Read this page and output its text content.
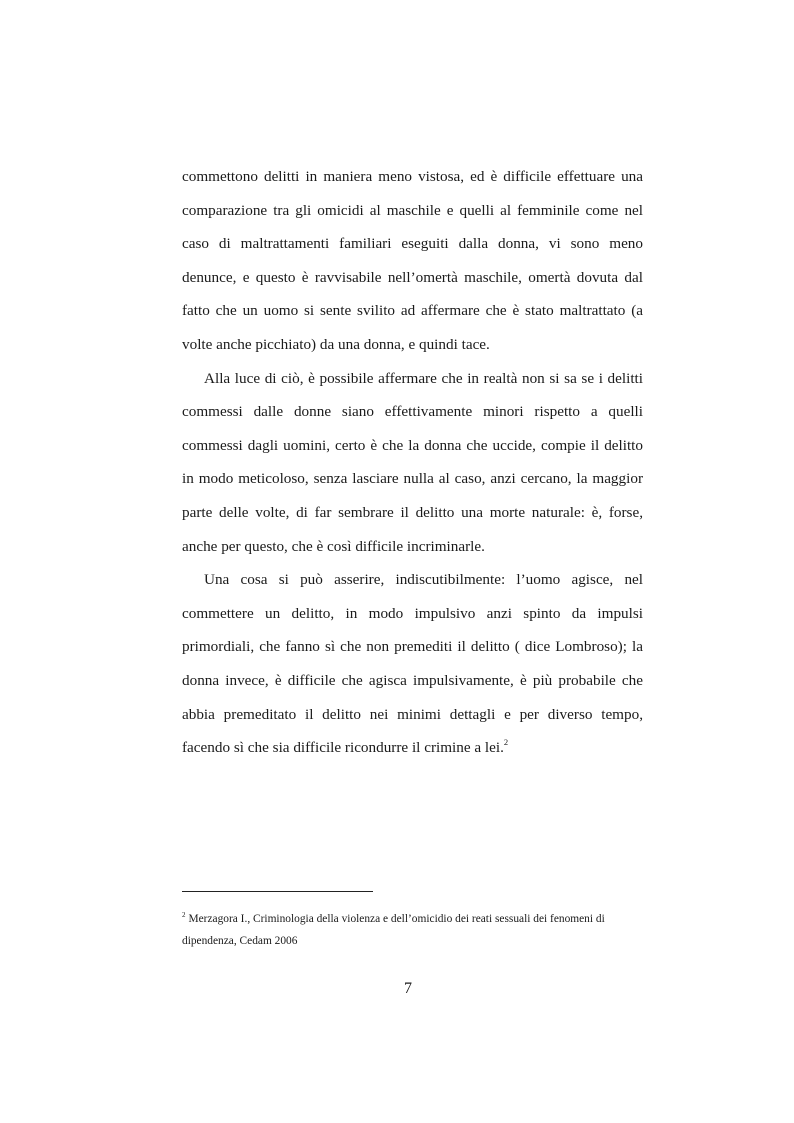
commettono delitti in maniera meno vistosa, ed è difficile effettuare una comparazione tra gli omicidi al maschile e quelli al femminile come nel caso di maltrattamenti familiari eseguiti dalla donna, vi sono meno denunce, e questo è ravvisabile nell’omertà maschile, omertà dovuta dal fatto che un uomo si sente svilito ad affermare che è stato maltrattato (a volte anche picchiato) da una donna, e quindi tace.

Alla luce di ciò, è possibile affermare che in realtà non si sa se i delitti commessi dalle donne siano effettivamente minori rispetto a quelli commessi dagli uomini, certo è che la donna che uccide, compie il delitto in modo meticoloso, senza lasciare nulla al caso, anzi cercano, la maggior parte delle volte, di far sembrare il delitto una morte naturale: è, forse, anche per questo, che è così difficile incriminarle.

Una cosa si può asserire, indiscutibilmente: l’uomo agisce, nel commettere un delitto, in modo impulsivo anzi spinto da impulsi primordiali, che fanno sì che non premediti il delitto ( dice Lombroso); la donna invece, è difficile che agisca impulsivamente, è più probabile che abbia premeditato il delitto nei minimi dettagli e per diverso tempo, facendo sì che sia difficile ricondurre il crimine a lei.$^2$

$^2$ Merzagora I., Criminologia della violenza e dell’omicidio dei reati sessuali dei fenomeni di dipendenza, Cedam 2006
7
